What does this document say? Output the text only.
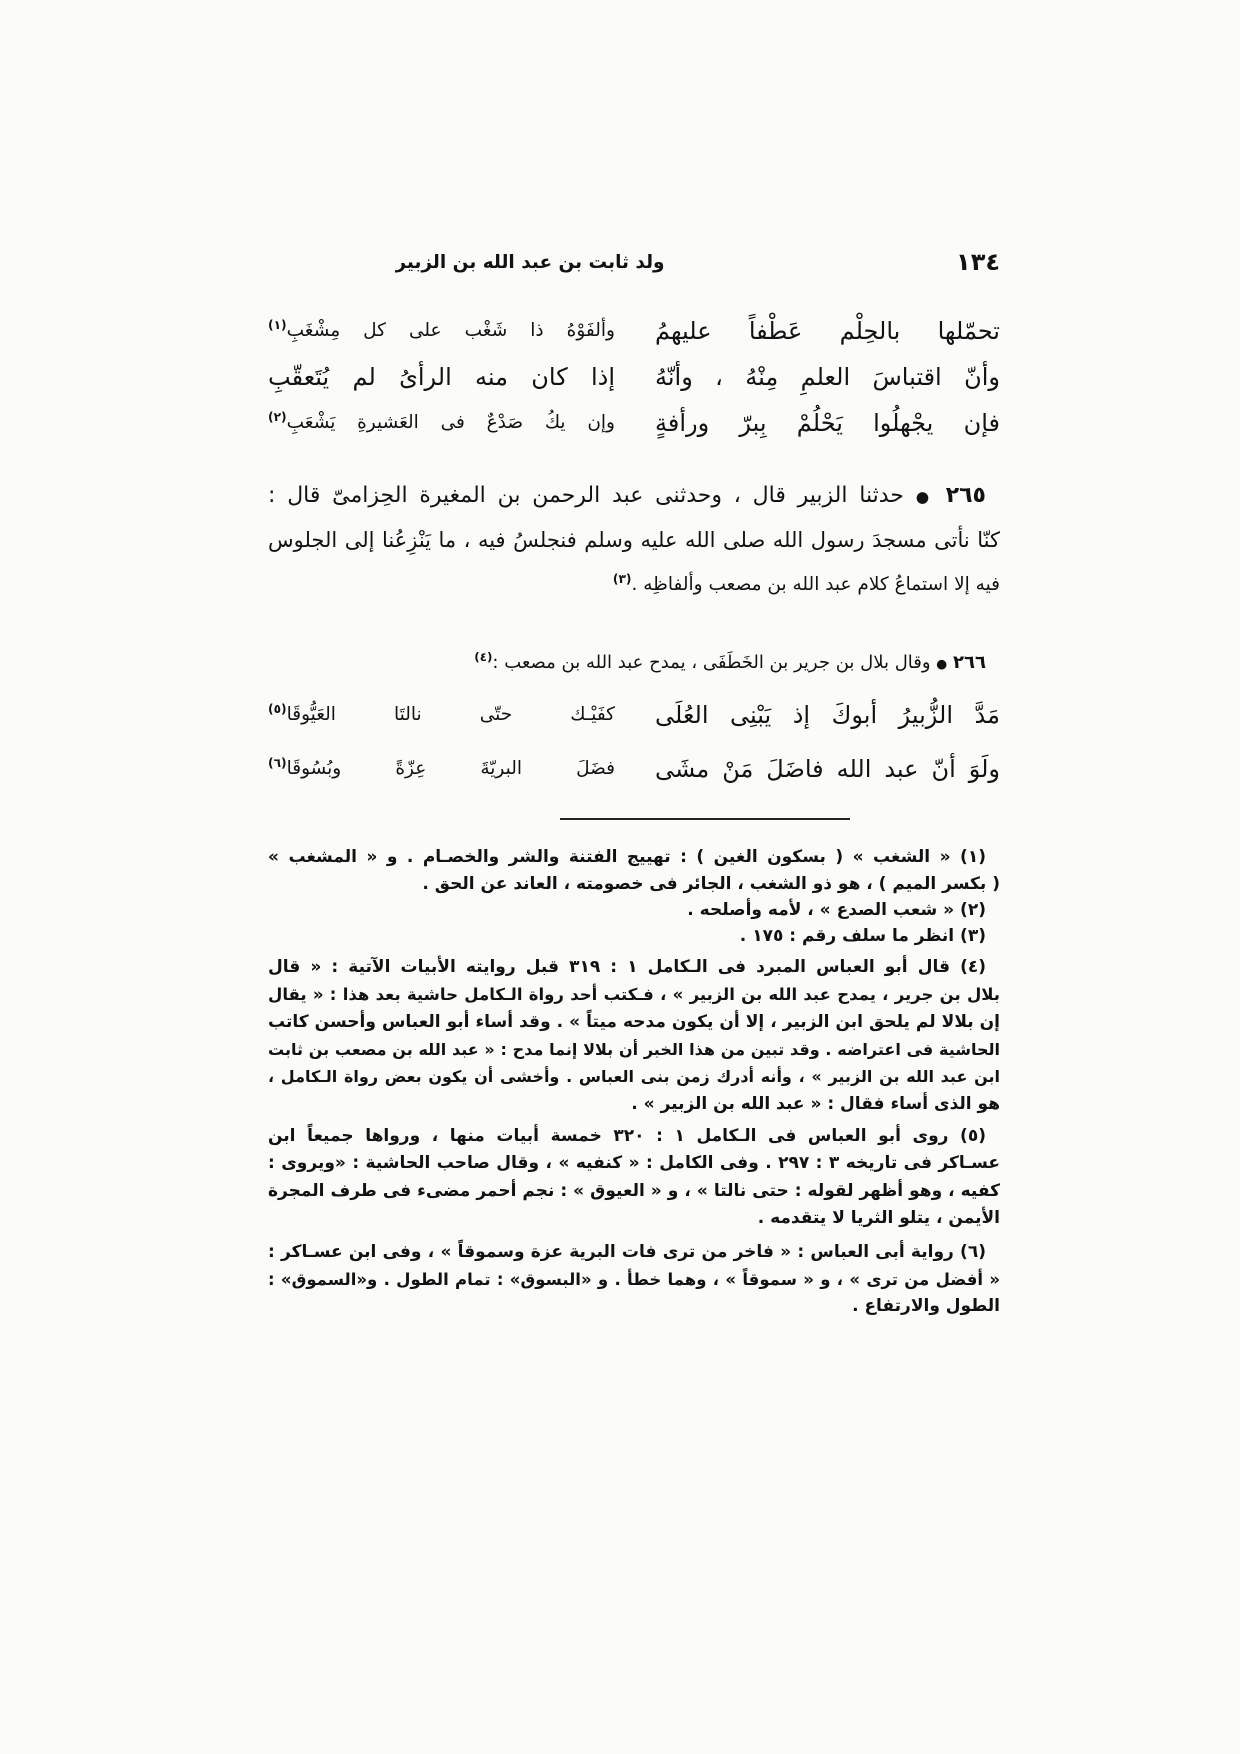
١٣٤
ولد ثابت بن عبد الله بن الزبير
تحمّلها بالحِلْم عَطْفاً عليهمُ
وألفَوْهُ ذا شَغْب على كل مِشْغَبِ$^{(١)}$
وأنّ اقتباسَ العلمِ مِنْهُ ، وأنّهُ
إذا كان منه الرأىُ لم يُتَعقّبِ
فإن يجْهلُوا يَحْلُمْ بِبرّ ورأفةٍ
وإن يكُ صَدْعٌ فى العَشيرةِ يَشْعَبِ$^{(٢)}$
٢٦٥ ● حدثنا الزبير قال ، وحدثنى عبد الرحمن بن المغيرة الحِزامىّ قال :
كنّا نأتى مسجدَ رسول الله صلى الله عليه وسلم فنجلسُ فيه ، ما يَنْزِعُنا إلى الجلوس
فيه إلا استماعُ كلام عبد الله بن مصعب وألفاظِه .$^{(٣)}$
٢٦٦ ● وقال بلال بن جرير بن الخَطَفَى ، يمدح عبد الله بن مصعب :$^{(٤)}$
مَدَّ الزُّبيرُ أبوكَ إذ يَبْنِى العُلَى
كفَيْـك حتّى نالتَا العَيُّوقَا$^{(٥)}$
ولَوَ أنّ عبد الله فاضَلَ مَنْ مشَى
فضَلَ البريّةَ عِزّةً وبُسُوقَا$^{(٦)}$
(١) « الشغب » ( بسكون الغين ) : تهييج الفتنة والشر والخصـام . و « المشغب »
( بكسر الميم ) ، هو ذو الشغب ، الجائر فى خصومته ، العاند عن الحق .
(٢) « شعب الصدع » ، لأمه وأصلحه .
(٣) انظر ما سلف رقم : ١٧٥ .
(٤) قال أبو العباس المبرد فى الـكامل ١ : ٣١٩ قبل روايته الأبيات الآتية : « قال
بلال بن جرير ، يمدح عبد الله بن الزبير » ، فـكتب أحد رواة الـكامل حاشية بعد هذا : « يقال
إن بلالا لم يلحق ابن الزبير ، إلا أن يكون مدحه ميتاً » . وقد أساء أبو العباس وأحسن كاتب
الحاشية فى اعتراضه . وقد تبين من هذا الخبر أن بلالا إنما مدح : « عبد الله بن مصعب بن ثابت
ابن عبد الله بن الزبير » ، وأنه أدرك زمن بنى العباس . وأخشى أن يكون بعض رواة الـكامل ،
هو الذى أساء فقال : « عبد الله بن الزبير » .
(٥) روى أبو العباس فى الـكامل ١ : ٣٢٠ خمسة أبيات منها ، ورواها جميعاً ابن
عسـاكر فى تاريخه ٣ : ٢٩٧ . وفى الكامل : « كنفيه » ، وقال صاحب الحاشية : «ويروى :
كفيه ، وهو أظهر لقوله : حتى نالتا » ، و « العيوق » : نجم أحمر مضىء فى طرف المجرة
الأيمن ، يتلو الثريا لا يتقدمه .
(٦) رواية أبى العباس : « فاخر من ترى فات البرية عزة وسموقاً » ، وفى ابن عسـاكر :
« أفضل من ترى » ، و « سموقاً » ، وهما خطأ . و «البسوق» : تمام الطول . و«السموق» :
الطول والارتفاع .
